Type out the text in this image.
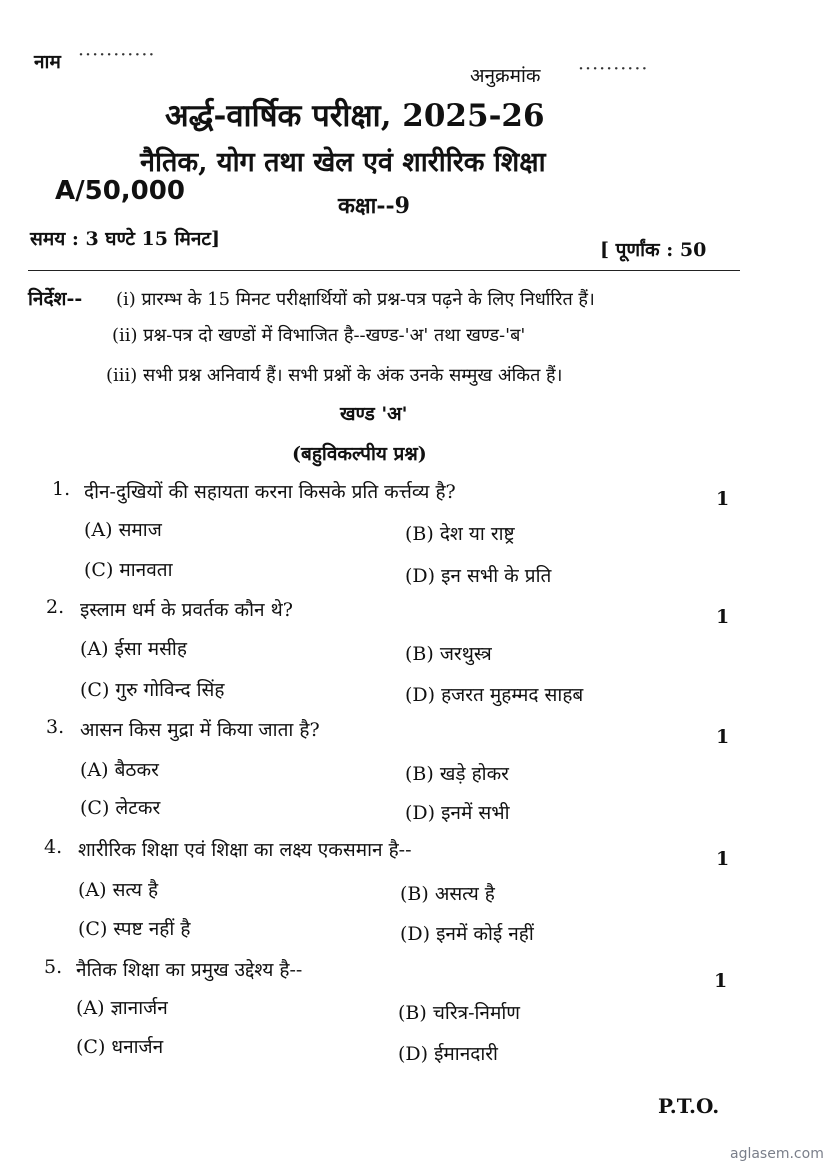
नाम ···········
अनुक्रमांक ··········
अर्द्ध-वार्षिक परीक्षा, 2025-26
नैतिक, योग तथा खेल एवं शारीरिक शिक्षा
A/50,000	कक्षा--9
समय : 3 घण्टे 15 मिनट]	[ पूर्णांक : 50
निर्देश-- (i) प्रारम्भ के 15 मिनट परीक्षार्थियों को प्रश्न-पत्र पढ़ने के लिए निर्धारित हैं।
(ii) प्रश्न-पत्र दो खण्डों में विभाजित है--खण्ड-'अ' तथा खण्ड-'ब'
(iii) सभी प्रश्न अनिवार्य हैं। सभी प्रश्नों के अंक उनके सम्मुख अंकित हैं।
खण्ड 'अ'
(बहुविकल्पीय प्रश्न)
1. दीन-दुखियों की सहायता करना किसके प्रति कर्त्तव्य है?	1
(A) समाज	(B) देश या राष्ट्र
(C) मानवता	(D) इन सभी के प्रति
2. इस्लाम धर्म के प्रवर्तक कौन थे?	1
(A) ईसा मसीह	(B) जरथुस्त्र
(C) गुरु गोविन्द सिंह	(D) हजरत मुहम्मद साहब
3. आसन किस मुद्रा में किया जाता है?	1
(A) बैठकर	(B) खड़े होकर
(C) लेटकर	(D) इनमें सभी
4. शारीरिक शिक्षा एवं शिक्षा का लक्ष्य एकसमान है--	1
(A) सत्य है	(B) असत्य है
(C) स्पष्ट नहीं है	(D) इनमें कोई नहीं
5. नैतिक शिक्षा का प्रमुख उद्देश्य है--	1
(A) ज्ञानार्जन	(B) चरित्र-निर्माण
(C) धनार्जन	(D) ईमानदारी
P.T.O.
aglasem.com
